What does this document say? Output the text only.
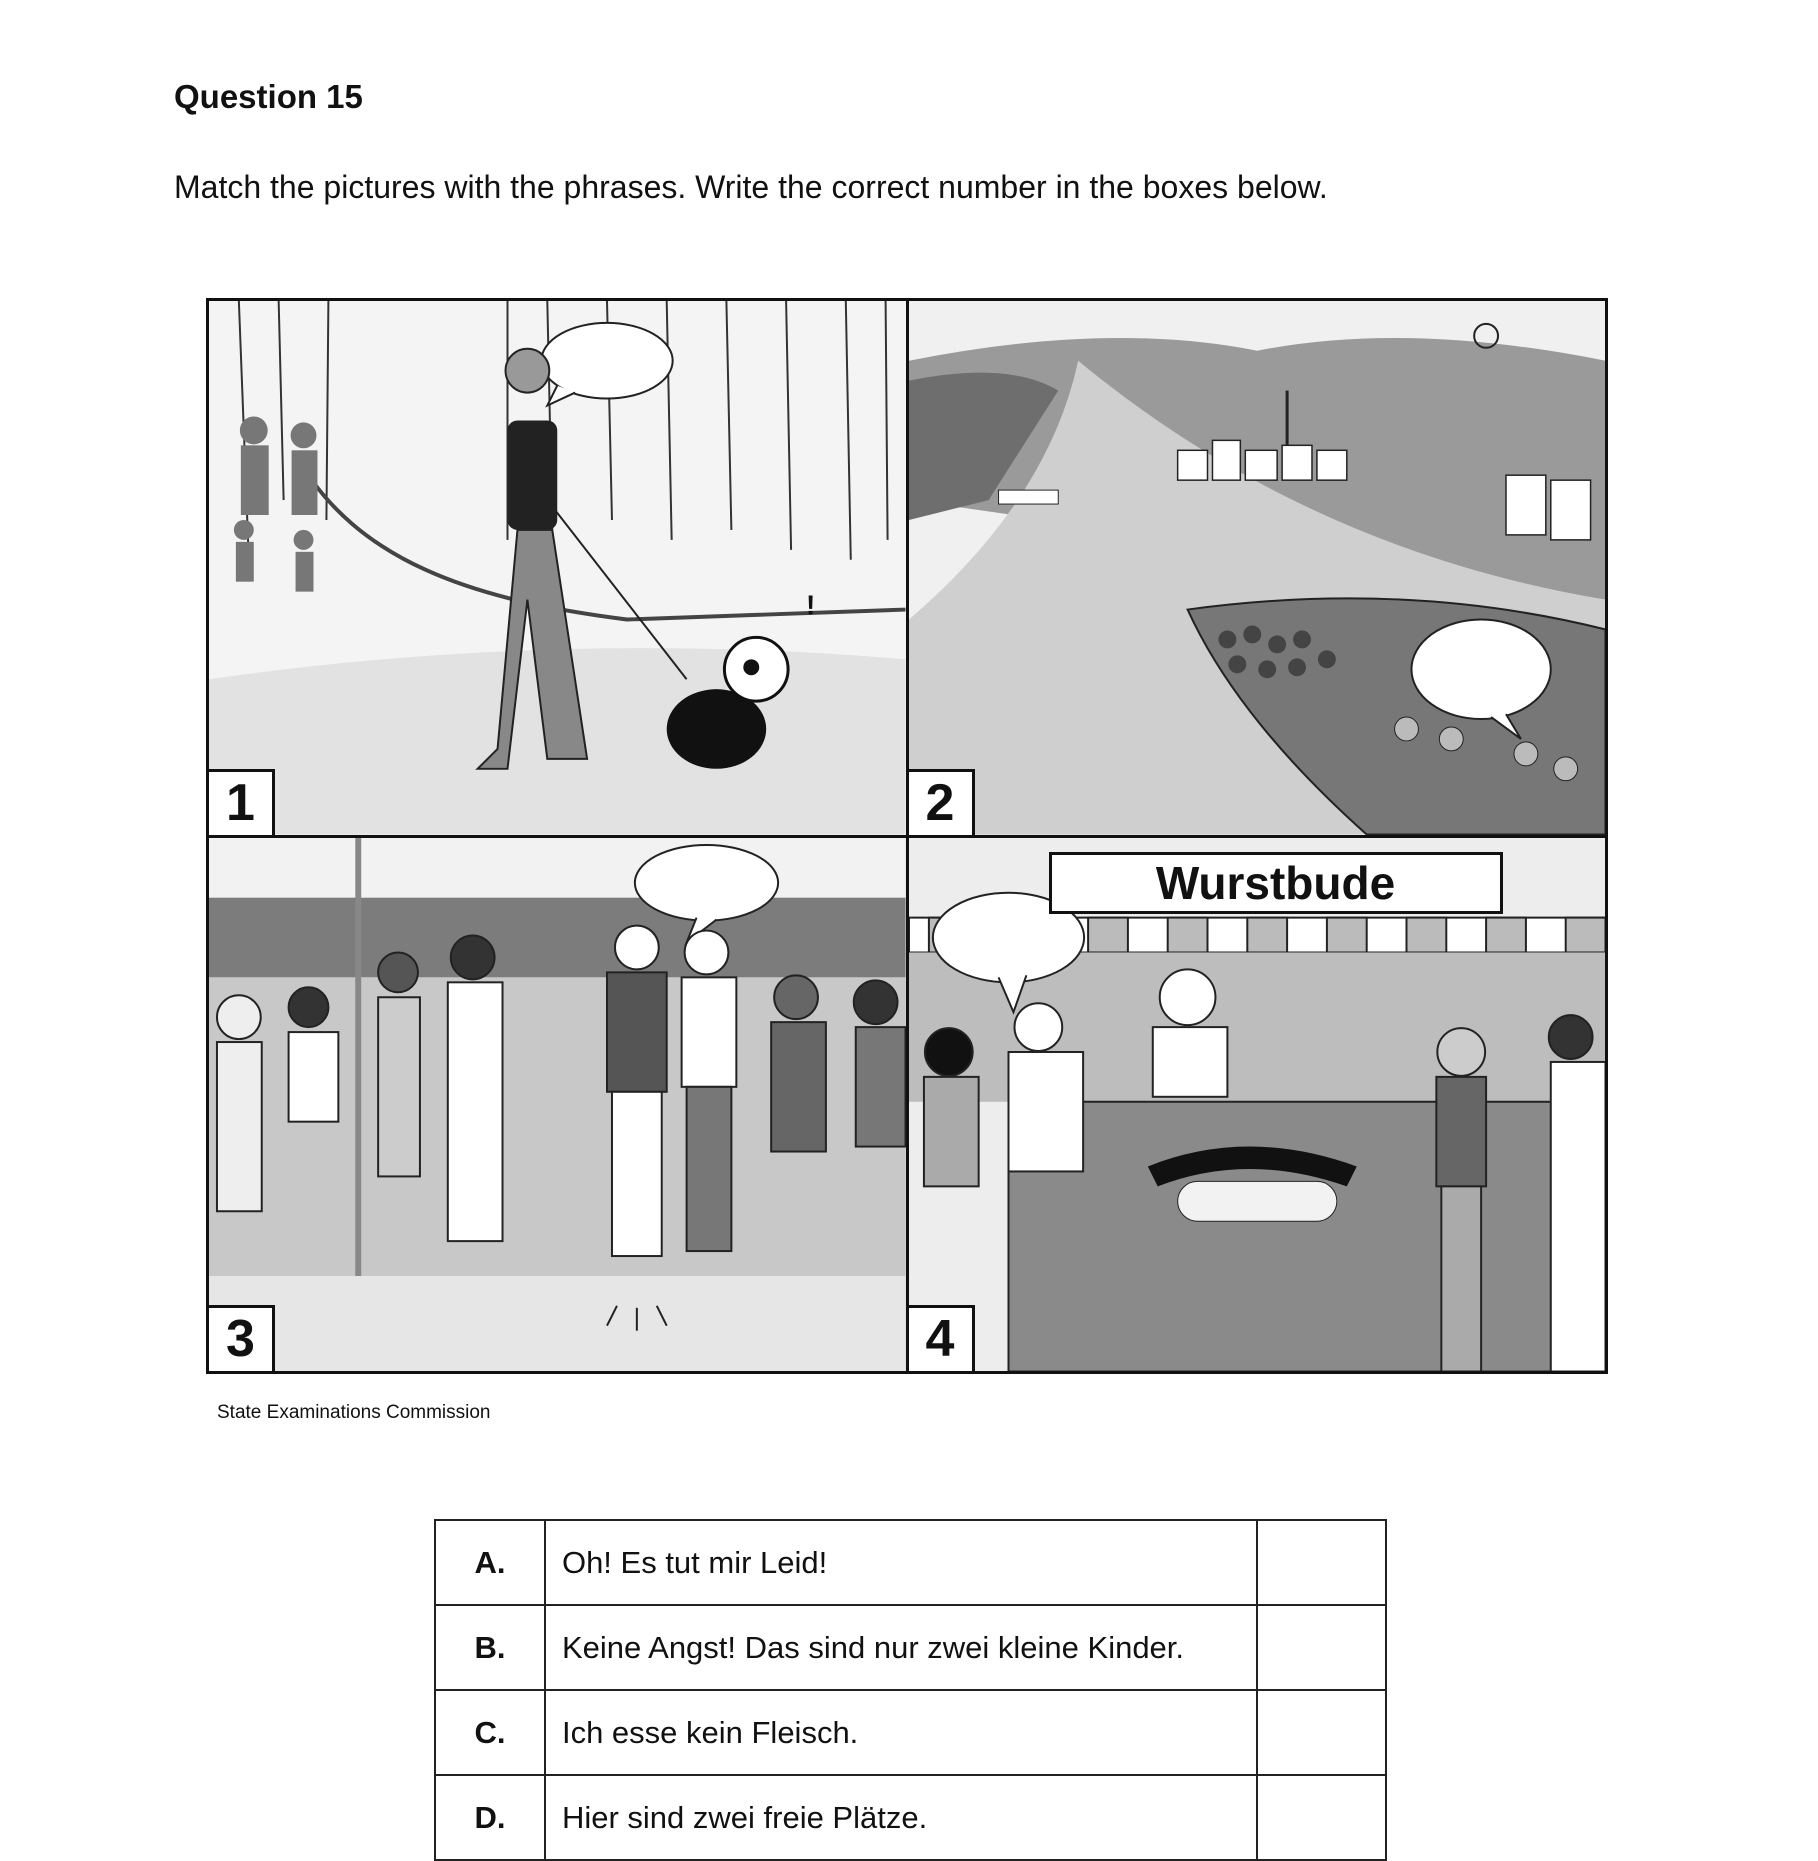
Question 15
Match the pictures with the phrases. Write the correct number in the boxes below.
!
1	2
3
Wurstbude
4
State Examinations Commission
A.	Oh! Es tut mir Leid!	
B.	Keine Angst! Das sind nur zwei kleine Kinder.	
C.	Ich esse kein Fleisch.	
D.	Hier sind zwei freie Plätze.	
